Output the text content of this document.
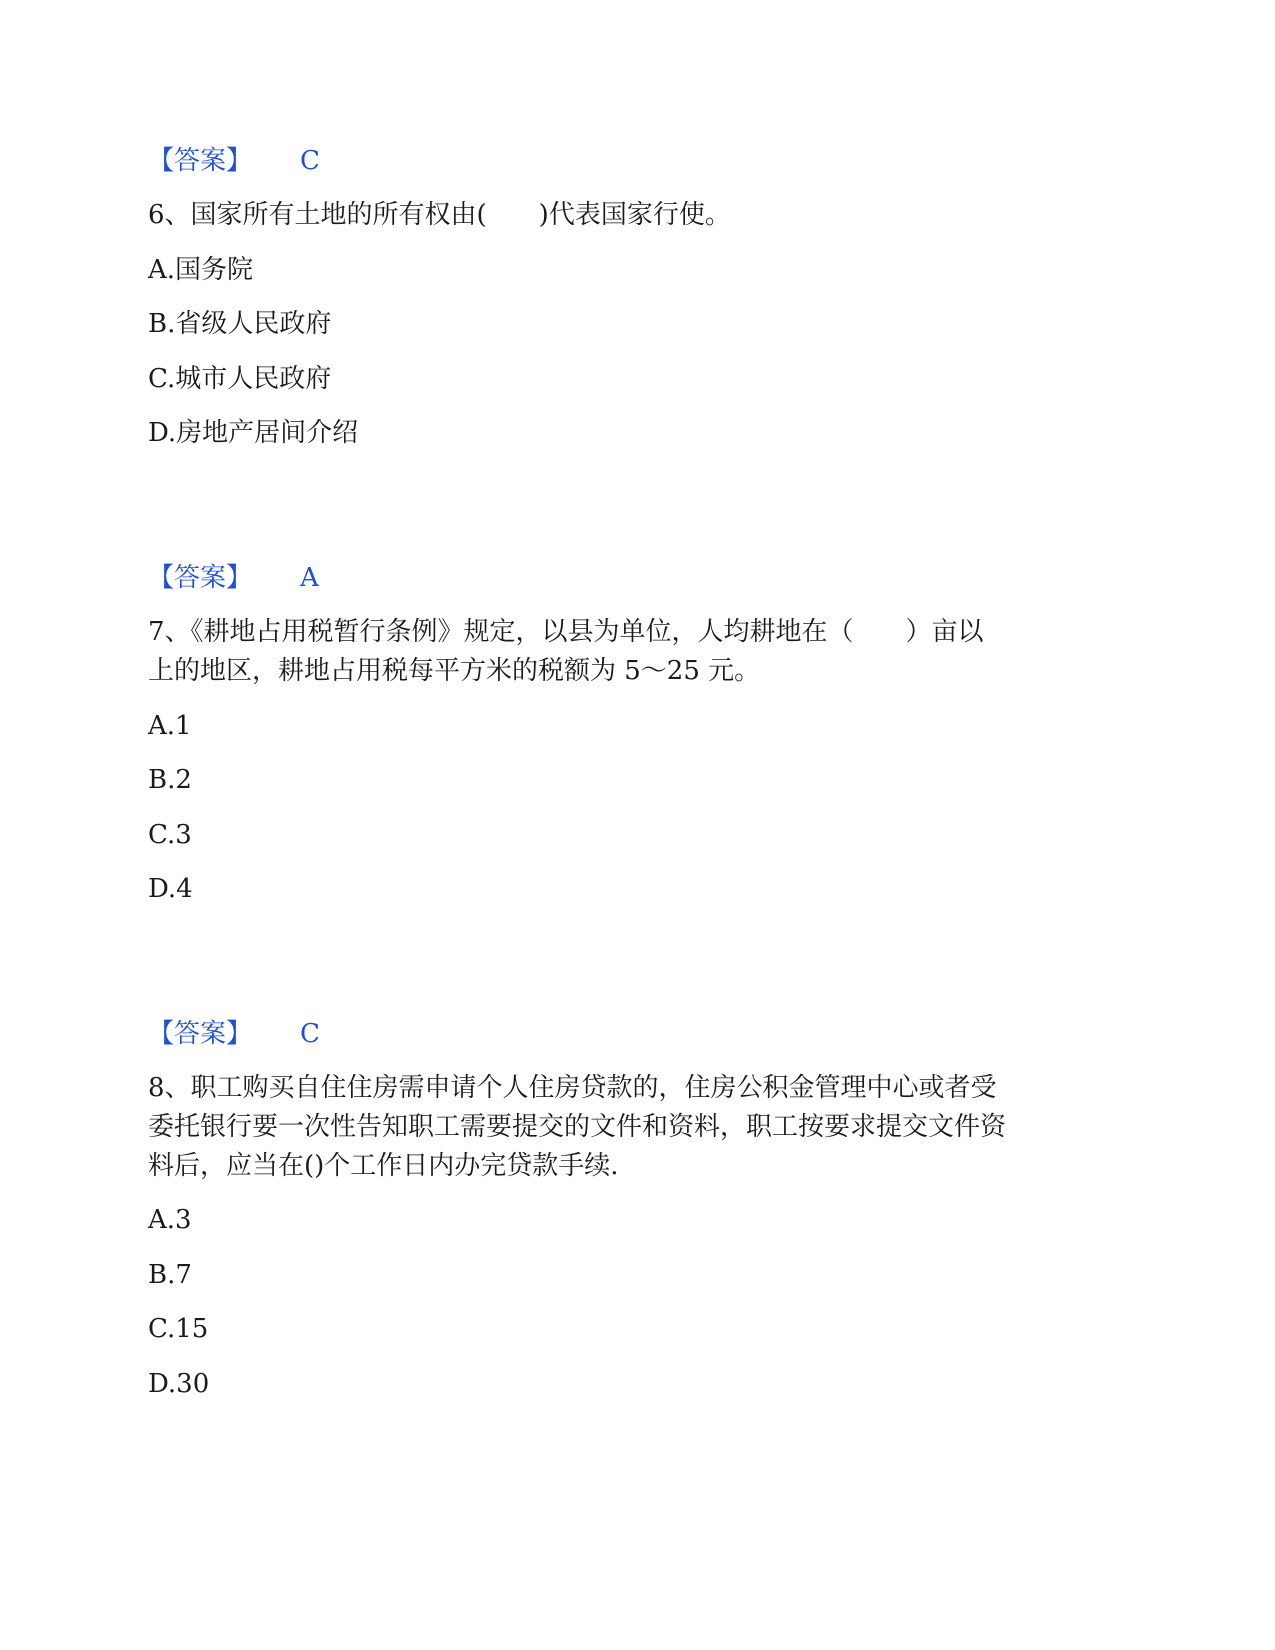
【答案】 C
6、国家所有土地的所有权由(　　)代表国家行使。
A.国务院
B.省级人民政府
C.城市人民政府
D.房地产居间介绍
【答案】 A
7、《耕地占用税暂行条例》规定，以县为单位，人均耕地在（　　）亩以
上的地区，耕地占用税每平方米的税额为 5～25 元。
A.1
B.2
C.3
D.4
【答案】 C
8、职工购买自住住房需申请个人住房贷款的，住房公积金管理中心或者受
委托银行要一次性告知职工需要提交的文件和资料，职工按要求提交文件资
料后，应当在()个工作日内办完贷款手续.
A.3
B.7
C.15
D.30
